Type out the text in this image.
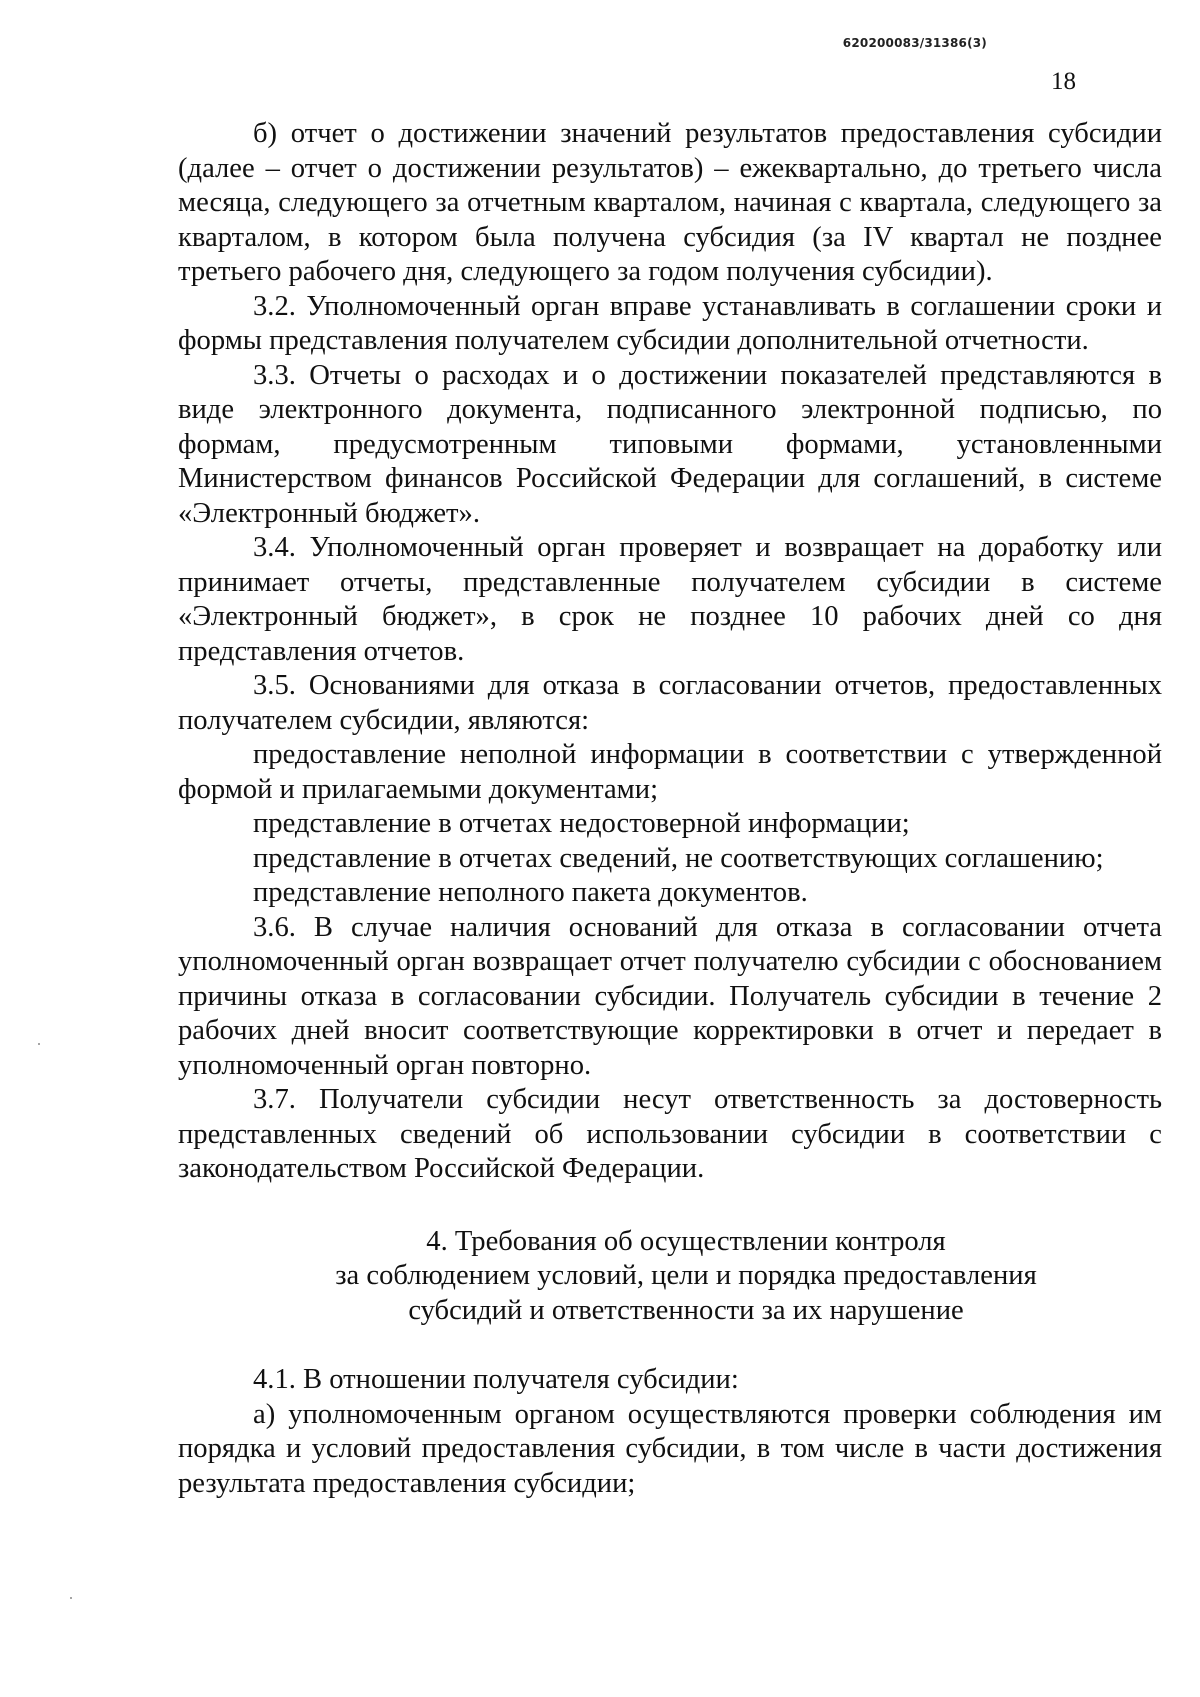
620200083/31386(3)
18

б) отчет о достижении значений результатов предоставления субсидии (далее – отчет о достижении результатов) – ежеквартально, до третьего числа месяца, следующего за отчетным кварталом, начиная с квартала, следующего за кварталом, в котором была получена субсидия (за IV квартал не позднее третьего рабочего дня, следующего за годом получения субсидии).

3.2. Уполномоченный орган вправе устанавливать в соглашении сроки и формы представления получателем субсидии дополнительной отчетности.

3.3. Отчеты о расходах и о достижении показателей представляются в виде электронного документа, подписанного электронной подписью, по формам, предусмотренным типовыми формами, установленными Министерством финансов Российской Федерации для соглашений, в системе «Электронный бюджет».

3.4. Уполномоченный орган проверяет и возвращает на доработку или принимает отчеты, представленные получателем субсидии в системе «Электронный бюджет», в срок не позднее 10 рабочих дней со дня представления отчетов.

3.5. Основаниями для отказа в согласовании отчетов, предоставленных получателем субсидии, являются:

предоставление неполной информации в соответствии с утвержденной формой и прилагаемыми документами;

представление в отчетах недостоверной информации;

представление в отчетах сведений, не соответствующих соглашению;

представление неполного пакета документов.

3.6. В случае наличия оснований для отказа в согласовании отчета уполномоченный орган возвращает отчет получателю субсидии с обоснованием причины отказа в согласовании субсидии. Получатель субсидии в течение 2 рабочих дней вносит соответствующие корректировки в отчет и передает в уполномоченный орган повторно.

3.7. Получатели субсидии несут ответственность за достоверность представленных сведений об использовании субсидии в соответствии с законодательством Российской Федерации.

4. Требования об осуществлении контроля

за соблюдением условий, цели и порядка предоставления

субсидий и ответственности за их нарушение

4.1. В отношении получателя субсидии:

а) уполномоченным органом осуществляются проверки соблюдения им порядка и условий предоставления субсидии, в том числе в части достижения результата предоставления субсидии;
